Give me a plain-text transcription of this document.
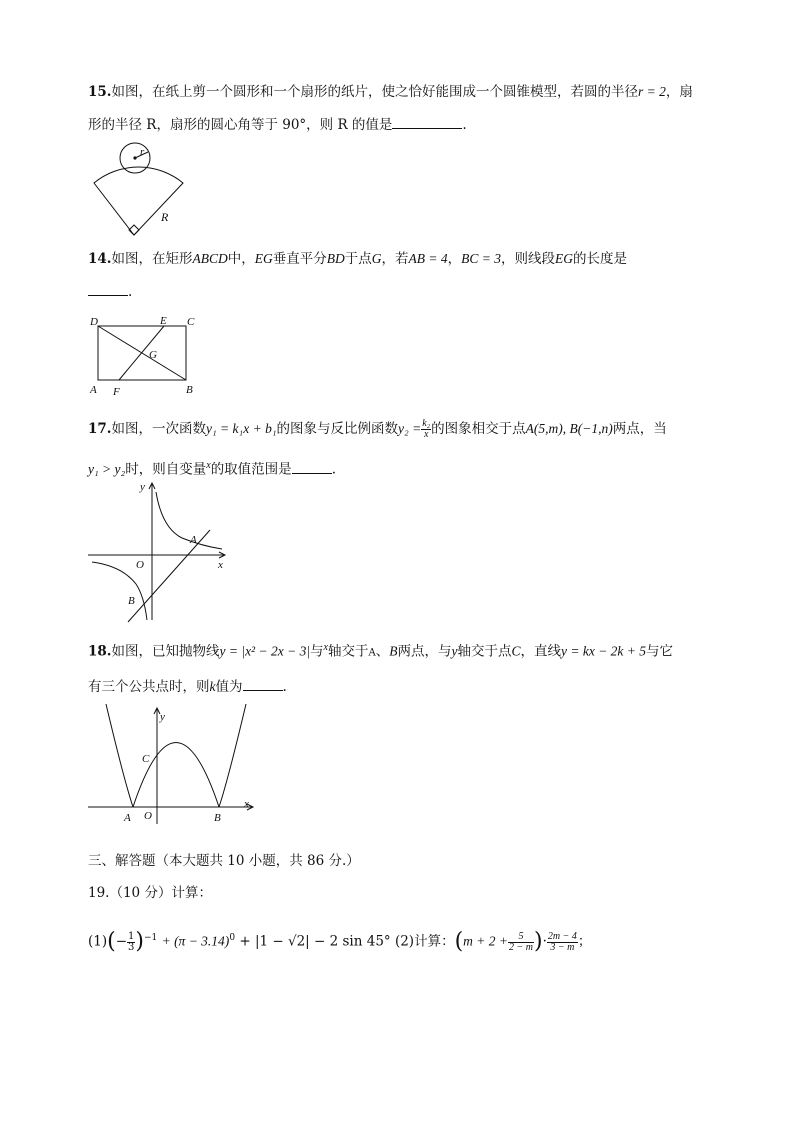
15.如图，在纸上剪一个圆形和一个扇形的纸片，使之恰好能围成一个圆锥模型，若圆的半径r = 2，扇
形的半径 R，扇形的圆心角等于 90°，则 R 的值是	.
r
R
14.如图，在矩形ABCD中，EG垂直平分BD于点G，若AB = 4，BC = 3，则线段EG的长度是
.
D	E C
G
A F	B
17.如图，一次函数y₁ = k₁x + b₁的图象与反比例函数$y_2 = \frac{\text{k₂}}{x}$ 的图象相交于点A(5,m), B(−1,n)两点，当
y₁ > y₂时，则自变量$^x$的取值范围是	.
y
x
O
A
B
18.如图，已知抛物线y = |x² − 2x − 3|与$^x$轴交于A、B两点，与y轴交于点C，直线y = kx − 2k + 5与它
有三个公共点时，则k值为	.
y
x
C
A O	B
三、解答题（本大题共 10 小题，共 86 分.）
19.（10 分）计算：
$(1)(- \frac{1}{3} )^{-1} + (\pi - 3.14)^0 + |1 - √2| - 2$ sin 45° (2)计算：($m + 2 + \frac{5}{2 - m}$ )· $\frac{2m - 4}{3 - m}$ ；
